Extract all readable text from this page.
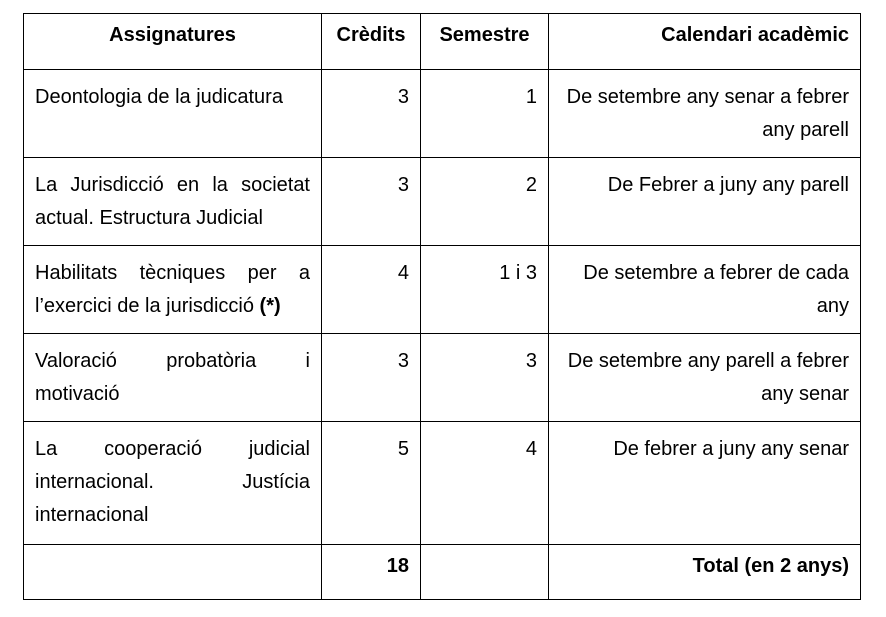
Assignatures	Crèdits	Semestre	Calendari acadèmic
Deontologia de la judicatura	3	1	De setembre any senar a febrer any parell
La Jurisdicció en la societat actual. Estructura Judicial	3	2	De Febrer a juny any parell
Habilitats tècniques per a l’exercici de la jurisdicció (*)	4	1 i 3	De setembre a febrer de cada any
Valoració probatòria i motivació	3	3	De setembre any parell a febrer any senar
La cooperació judicial internacional. Justícia internacional	5	4	De febrer a juny any senar
	18		Total (en 2 anys)
